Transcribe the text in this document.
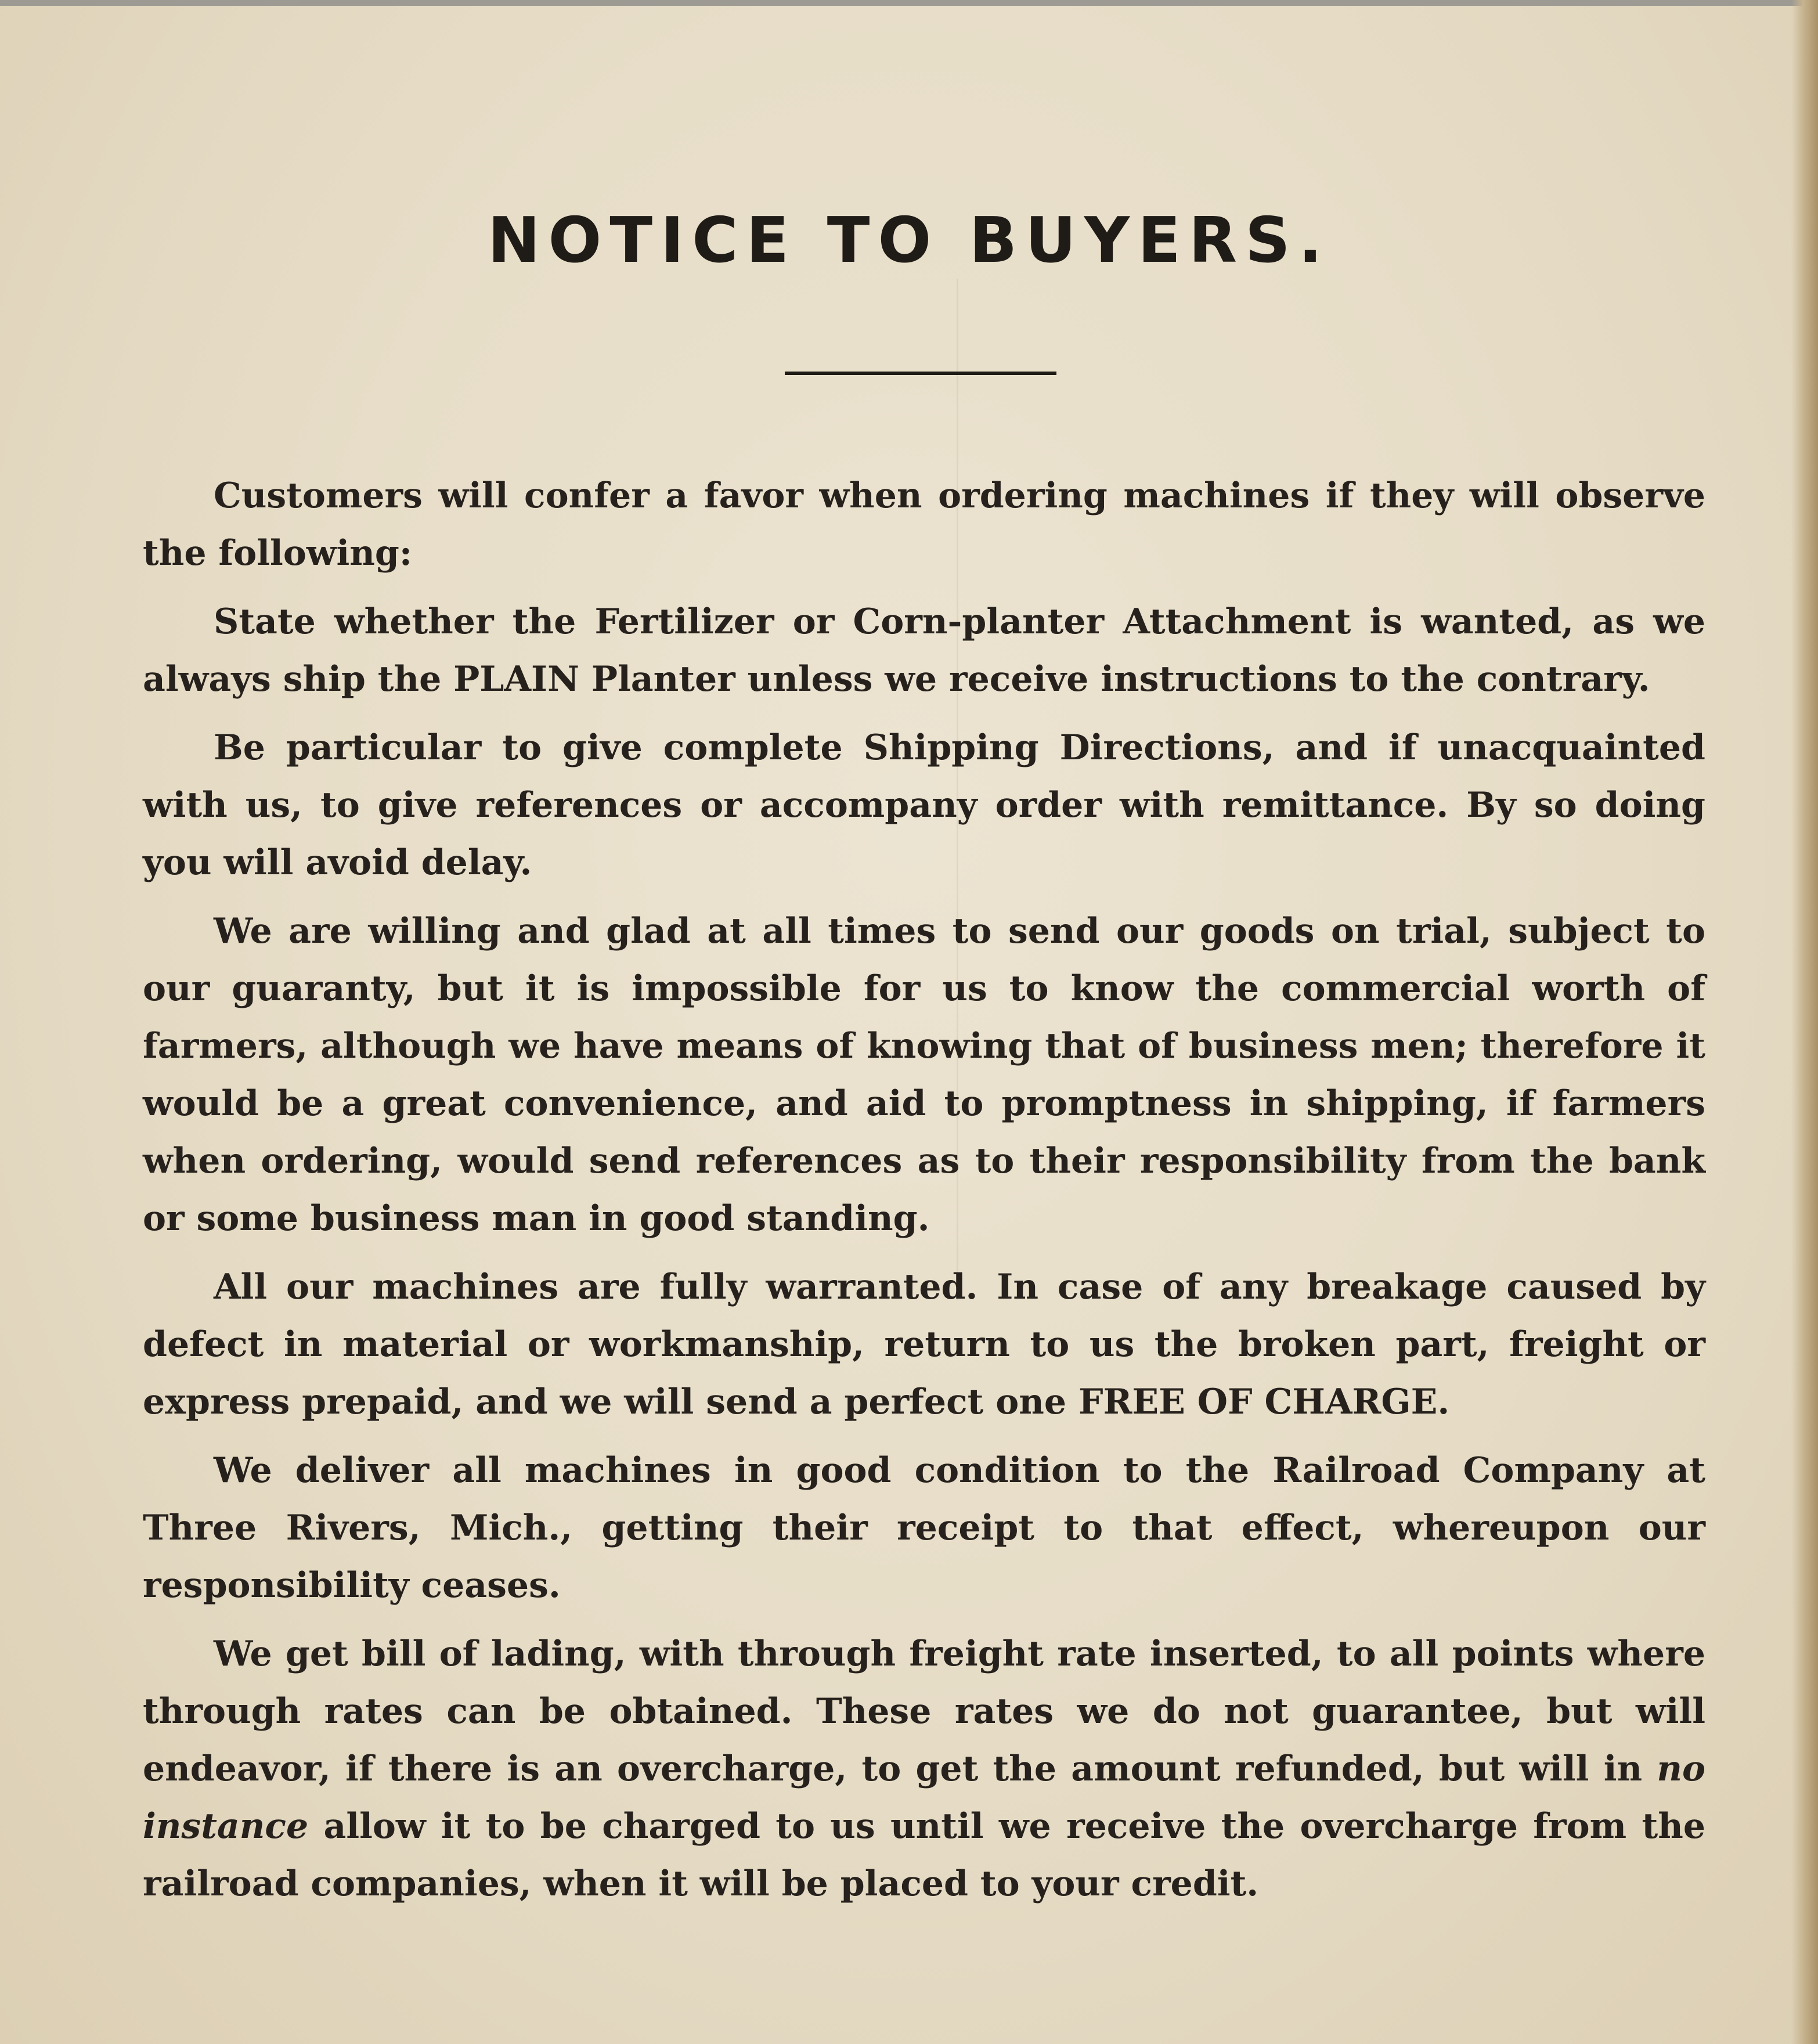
NOTICE TO BUYERS.

Customers will confer a favor when ordering machines if they will observe the following:

State whether the Fertilizer or Corn-planter Attachment is wanted, as we always ship the PLAIN Planter unless we receive instructions to the contrary.

Be particular to give complete Shipping Directions, and if unacquainted with us, to give references or accompany order with remittance. By so doing you will avoid delay.

We are willing and glad at all times to send our goods on trial, subject to our guaranty, but it is impossible for us to know the commercial worth of farmers, although we have means of knowing that of business men; therefore it would be a great convenience, and aid to promptness in shipping, if farmers when ordering, would send references as to their responsibility from the bank or some business man in good standing.

All our machines are fully warranted. In case of any breakage caused by defect in material or workmanship, return to us the broken part, freight or express prepaid, and we will send a perfect one FREE OF CHARGE.

We deliver all machines in good condition to the Railroad Company at Three Rivers, Mich., getting their receipt to that effect, whereupon our responsibility ceases.

We get bill of lading, with through freight rate inserted, to all points where through rates can be obtained. These rates we do not guarantee, but will endeavor, if there is an overcharge, to get the amount refunded, but will in no instance allow it to be charged to us until we receive the overcharge from the railroad companies, when it will be placed to your credit.
